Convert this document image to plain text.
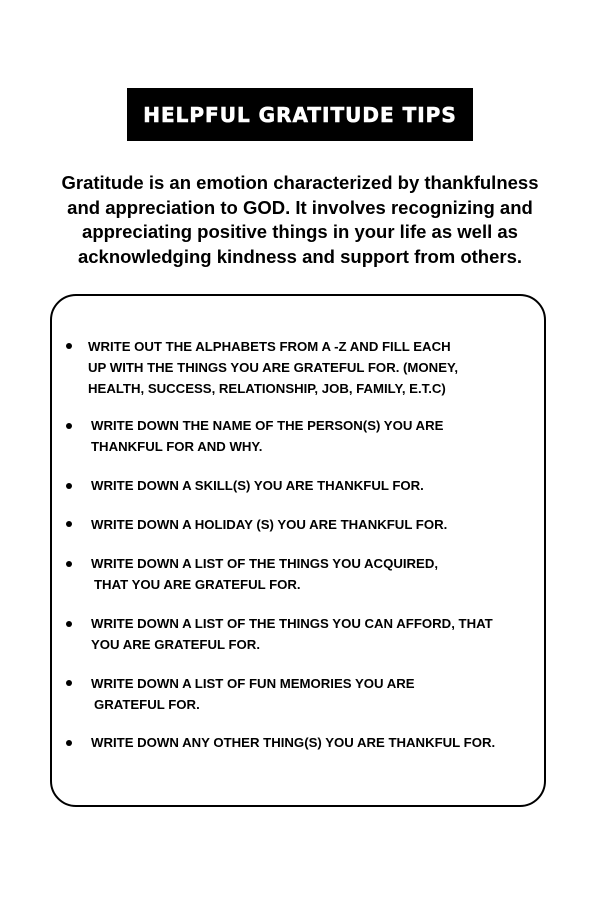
HELPFUL GRATITUDE TIPS
Gratitude is an emotion characterized by thankfulness
and appreciation to GOD. It involves recognizing and
appreciating positive things in your life as well as
acknowledging kindness and support from others.
WRITE OUT THE ALPHABETS FROM A -Z AND FILL EACH
UP WITH THE THINGS YOU ARE GRATEFUL FOR. (MONEY,
HEALTH, SUCCESS, RELATIONSHIP, JOB, FAMILY, E.T.C)
WRITE DOWN THE NAME OF THE PERSON(S) YOU ARE
THANKFUL FOR AND WHY.
WRITE DOWN A SKILL(S) YOU ARE THANKFUL FOR.
WRITE DOWN A HOLIDAY (S) YOU ARE THANKFUL FOR.
WRITE DOWN A LIST OF THE THINGS YOU ACQUIRED,
THAT YOU ARE GRATEFUL FOR.
WRITE DOWN A LIST OF THE THINGS YOU CAN AFFORD, THAT
YOU ARE GRATEFUL FOR.
WRITE DOWN A LIST OF FUN MEMORIES YOU ARE
GRATEFUL FOR.
WRITE DOWN ANY OTHER THING(S) YOU ARE THANKFUL FOR.
